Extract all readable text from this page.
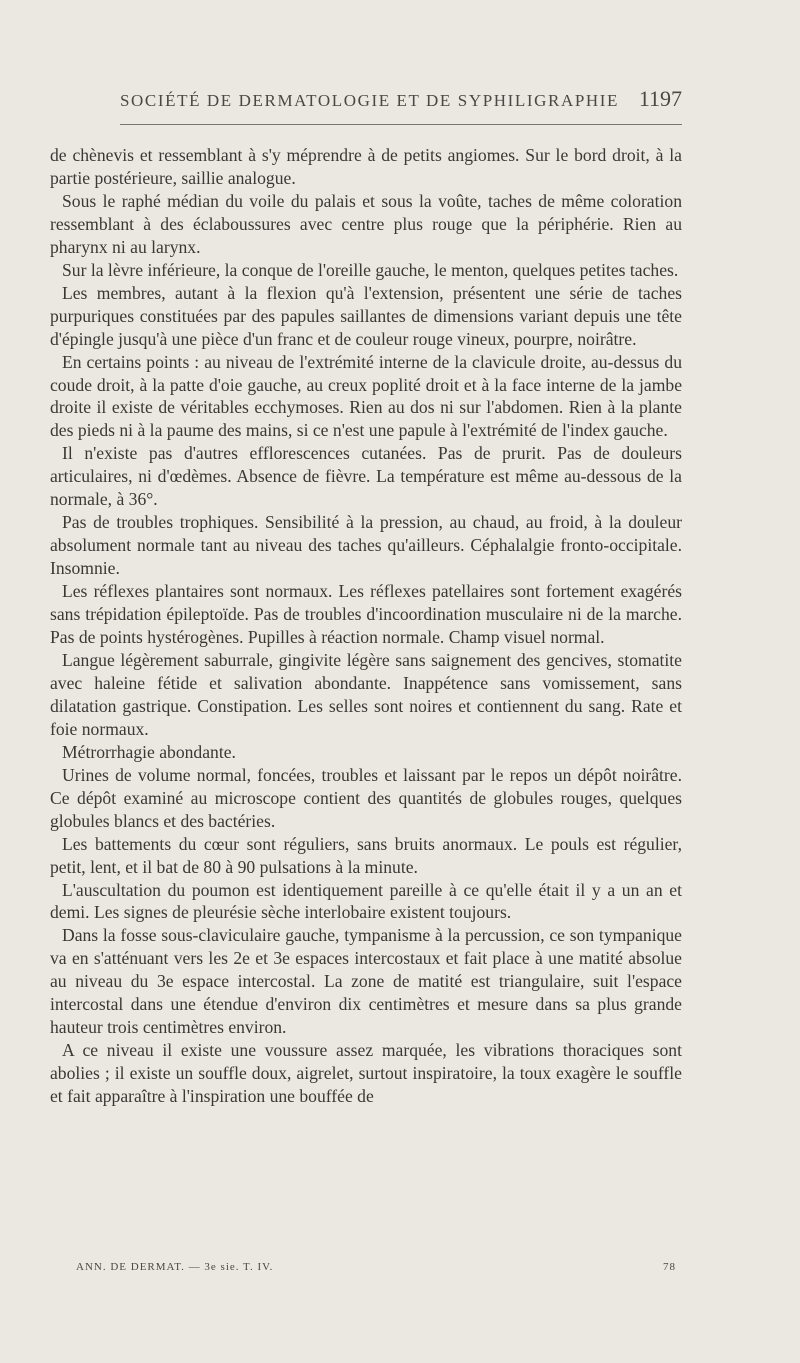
SOCIÉTÉ DE DERMATOLOGIE ET DE SYPHILIGRAPHIE 1197

de chènevis et ressemblant à s'y méprendre à de petits angiomes. Sur le bord droit, à la partie postérieure, saillie analogue.

Sous le raphé médian du voile du palais et sous la voûte, taches de même coloration ressemblant à des éclaboussures avec centre plus rouge que la périphérie. Rien au pharynx ni au larynx.

Sur la lèvre inférieure, la conque de l'oreille gauche, le menton, quelques petites taches.

Les membres, autant à la flexion qu'à l'extension, présentent une série de taches purpuriques constituées par des papules saillantes de dimensions variant depuis une tête d'épingle jusqu'à une pièce d'un franc et de couleur rouge vineux, pourpre, noirâtre.

En certains points : au niveau de l'extrémité interne de la clavicule droite, au-dessus du coude droit, à la patte d'oie gauche, au creux poplité droit et à la face interne de la jambe droite il existe de véritables ecchymoses. Rien au dos ni sur l'abdomen. Rien à la plante des pieds ni à la paume des mains, si ce n'est une papule à l'extrémité de l'index gauche.

Il n'existe pas d'autres efflorescences cutanées. Pas de prurit. Pas de douleurs articulaires, ni d'œdèmes. Absence de fièvre. La température est même au-dessous de la normale, à 36°.

Pas de troubles trophiques. Sensibilité à la pression, au chaud, au froid, à la douleur absolument normale tant au niveau des taches qu'ailleurs. Céphalalgie fronto-occipitale. Insomnie.

Les réflexes plantaires sont normaux. Les réflexes patellaires sont fortement exagérés sans trépidation épileptoïde. Pas de troubles d'incoordination musculaire ni de la marche. Pas de points hystérogènes. Pupilles à réaction normale. Champ visuel normal.

Langue légèrement saburrale, gingivite légère sans saignement des gencives, stomatite avec haleine fétide et salivation abondante. Inappétence sans vomissement, sans dilatation gastrique. Constipation. Les selles sont noires et contiennent du sang. Rate et foie normaux.

Métrorrhagie abondante.

Urines de volume normal, foncées, troubles et laissant par le repos un dépôt noirâtre. Ce dépôt examiné au microscope contient des quantités de globules rouges, quelques globules blancs et des bactéries.

Les battements du cœur sont réguliers, sans bruits anormaux. Le pouls est régulier, petit, lent, et il bat de 80 à 90 pulsations à la minute.

L'auscultation du poumon est identiquement pareille à ce qu'elle était il y a un an et demi. Les signes de pleurésie sèche interlobaire existent toujours.

Dans la fosse sous-claviculaire gauche, tympanisme à la percussion, ce son tympanique va en s'atténuant vers les 2e et 3e espaces intercostaux et fait place à une matité absolue au niveau du 3e espace intercostal. La zone de matité est triangulaire, suit l'espace intercostal dans une étendue d'environ dix centimètres et mesure dans sa plus grande hauteur trois centimètres environ.

A ce niveau il existe une voussure assez marquée, les vibrations thoraciques sont abolies ; il existe un souffle doux, aigrelet, surtout inspiratoire, la toux exagère le souffle et fait apparaître à l'inspiration une bouffée de

ANN. DE DERMAT. — 3e sie. T. IV.	78
